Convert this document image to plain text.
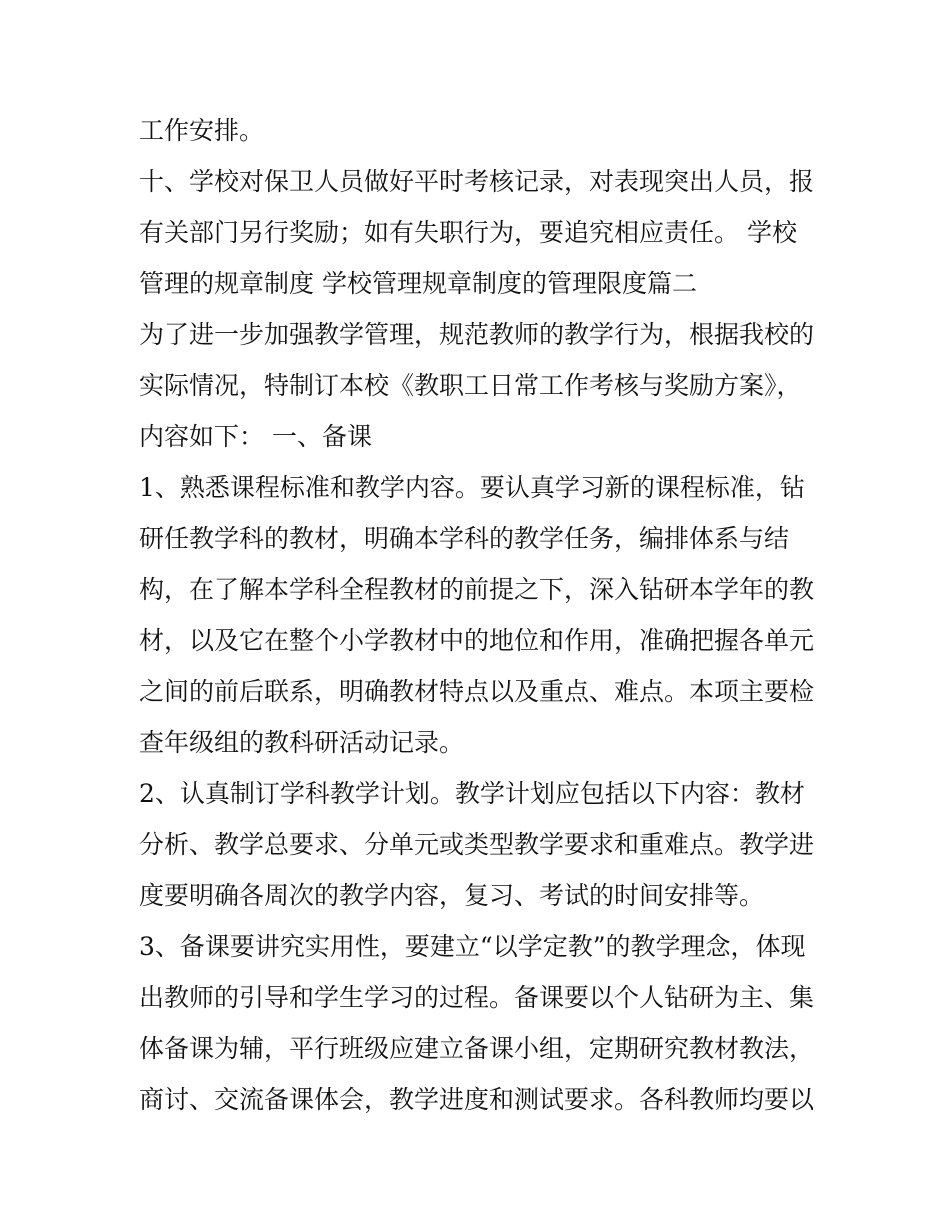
工作安排。
十、学校对保卫人员做好平时考核记录，对表现突出人员，报
有关部门另行奖励；如有失职行为，要追究相应责任。 学校
管理的规章制度 学校管理规章制度的管理限度篇二
为了进一步加强教学管理，规范教师的教学行为，根据我校的
实际情况，特制订本校《教职工日常工作考核与奖励方案》，
内容如下： 一、备课
1、熟悉课程标准和教学内容。要认真学习新的课程标准，钻
研任教学科的教材，明确本学科的教学任务，编排体系与结
构，在了解本学科全程教材的前提之下，深入钻研本学年的教
材，以及它在整个小学教材中的地位和作用，准确把握各单元
之间的前后联系，明确教材特点以及重点、难点。本项主要检
查年级组的教科研活动记录。
2、认真制订学科教学计划。教学计划应包括以下内容：教材
分析、教学总要求、分单元或类型教学要求和重难点。教学进
度要明确各周次的教学内容，复习、考试的时间安排等。
3、备课要讲究实用性，要建立“以学定教”的教学理念，体现
出教师的引导和学生学习的过程。备课要以个人钻研为主、集
体备课为辅，平行班级应建立备课小组，定期研究教材教法，
商讨、交流备课体会，教学进度和测试要求。各科教师均要以
